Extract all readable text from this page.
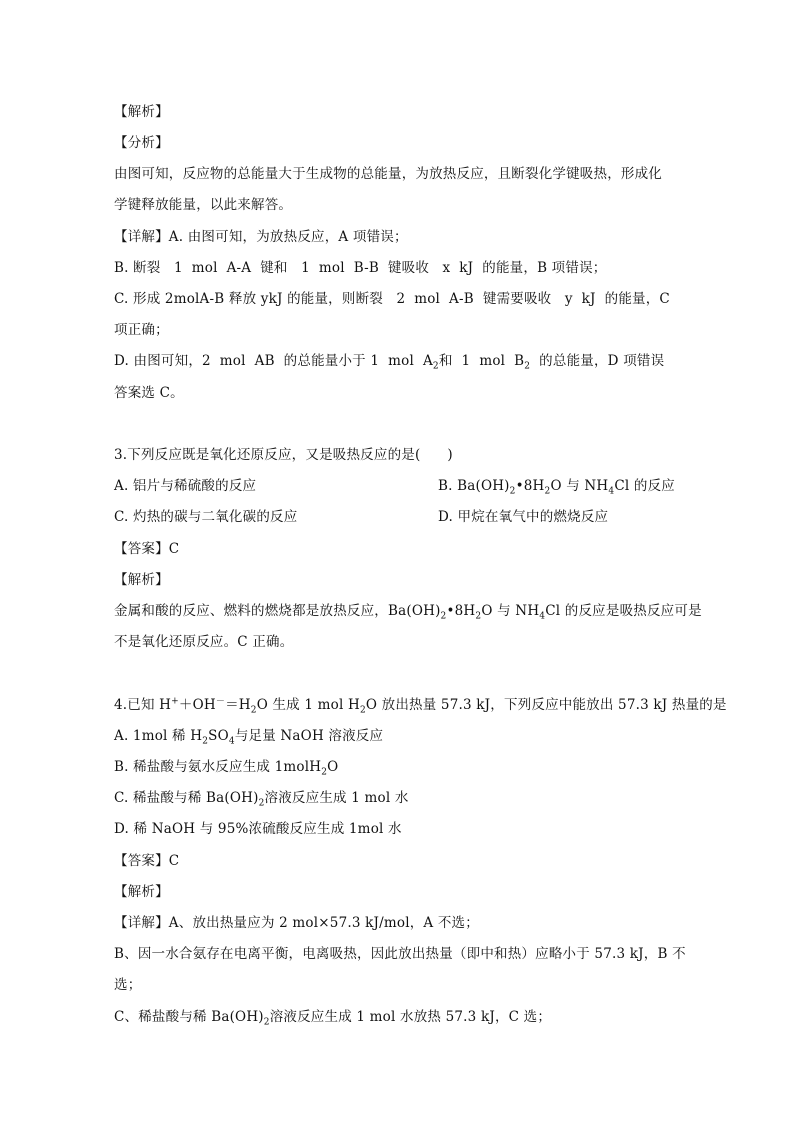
【解析】
【分析】
由图可知，反应物的总能量大于生成物的总能量，为放热反应，且断裂化学键吸热，形成化
学键释放能量，以此来解答。
【详解】A. 由图可知，为放热反应，A 项错误；
B. 断裂   1  mol  A-A  键和   1  mol  B-B  键吸收   x  kJ  的能量，B 项错误；
C. 形成 2molA-B 释放 ykJ 的能量，则断裂   2  mol  A-B  键需要吸收   y  kJ  的能量，C
项正确；
D. 由图可知，2  mol  AB  的总能量小于 1  mol  $A_2$和  1  mol  $B_2$  的总能量，D 项错误
答案选 C。
3.下列反应既是氧化还原反应，又是吸热反应的是(      )
A. 铝片与稀硫酸的反应	B. $Ba(OH)_2•8H_2O$ 与 $NH_4Cl$ 的反应
C. 灼热的碳与二氧化碳的反应	D. 甲烷在氧气中的燃烧反应
【答案】C
【解析】
金属和酸的反应、燃料的燃烧都是放热反应，$Ba(OH)_2•8H_2O$ 与 $NH_4Cl$ 的反应是吸热反应可是
不是氧化还原反应。C 正确。
4.已知 $H^++OH^-=H_2O$ 生成 1 mol $H_2O$ 放出热量 57.3 kJ，下列反应中能放出 57.3 kJ 热量的是
A. 1mol 稀 $H_2SO_4$与足量 NaOH 溶液反应
B. 稀盐酸与氨水反应生成 1molH$_2$O
C. 稀盐酸与稀 $Ba(OH)_2$溶液反应生成 1 mol 水
D. 稀 NaOH 与 95%浓硫酸反应生成 1mol 水
【答案】C
【解析】
【详解】A、放出热量应为 2 mol×57.3 kJ/mol，A 不选；
B、因一水合氨存在电离平衡，电离吸热，因此放出热量（即中和热）应略小于 57.3 kJ，B 不
选；
C、稀盐酸与稀 $Ba(OH)_2$溶液反应生成 1 mol 水放热 57.3 kJ，C 选；
